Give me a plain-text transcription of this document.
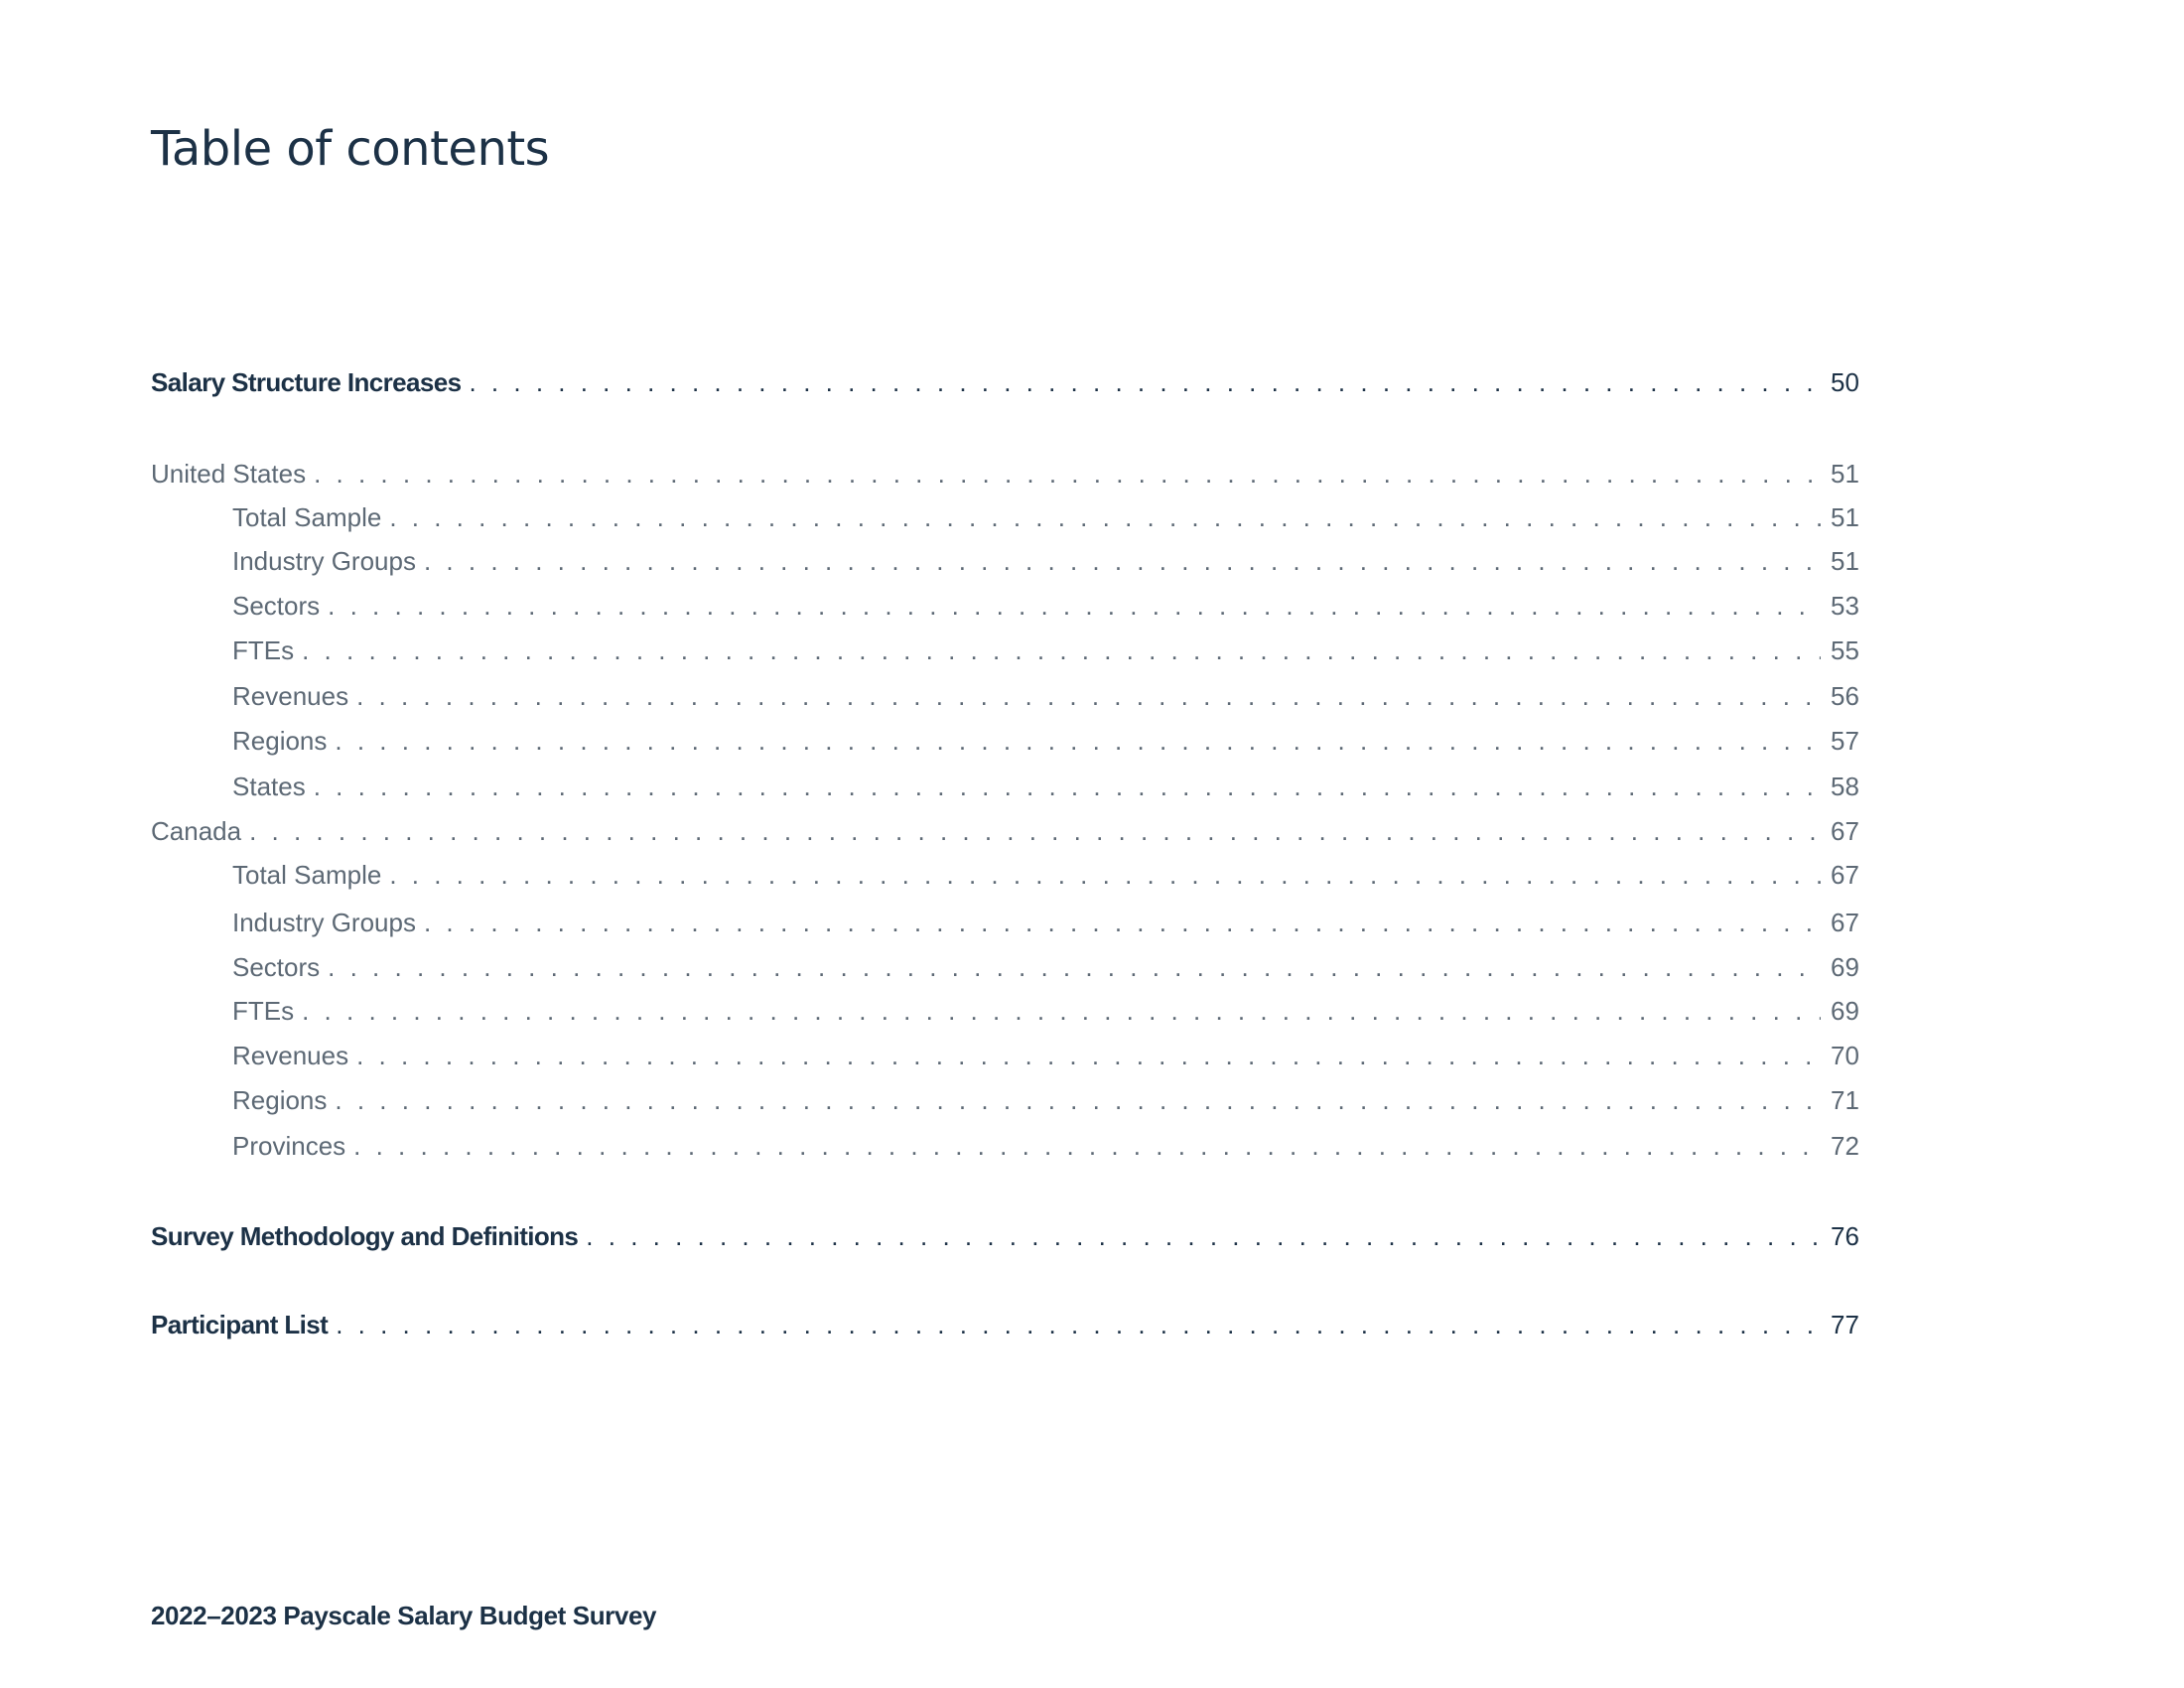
Table of contents
Salary Structure Increases . . .	50
United States . . .	51
Total Sample . . .	51
Industry Groups . . .	51
Sectors . . .	53
FTEs . . .	55
Revenues . . .	56
Regions . . .	57
States . . .	58
Canada . . .	67
Total Sample . . .	67
Industry Groups . . .	67
Sectors . . .	69
FTEs . . .	69
Revenues . . .	70
Regions . . .	71
Provinces . . .	72
Survey Methodology and Definitions . . .	76
Participant List . . .	77
2022–2023 Payscale Salary Budget Survey
